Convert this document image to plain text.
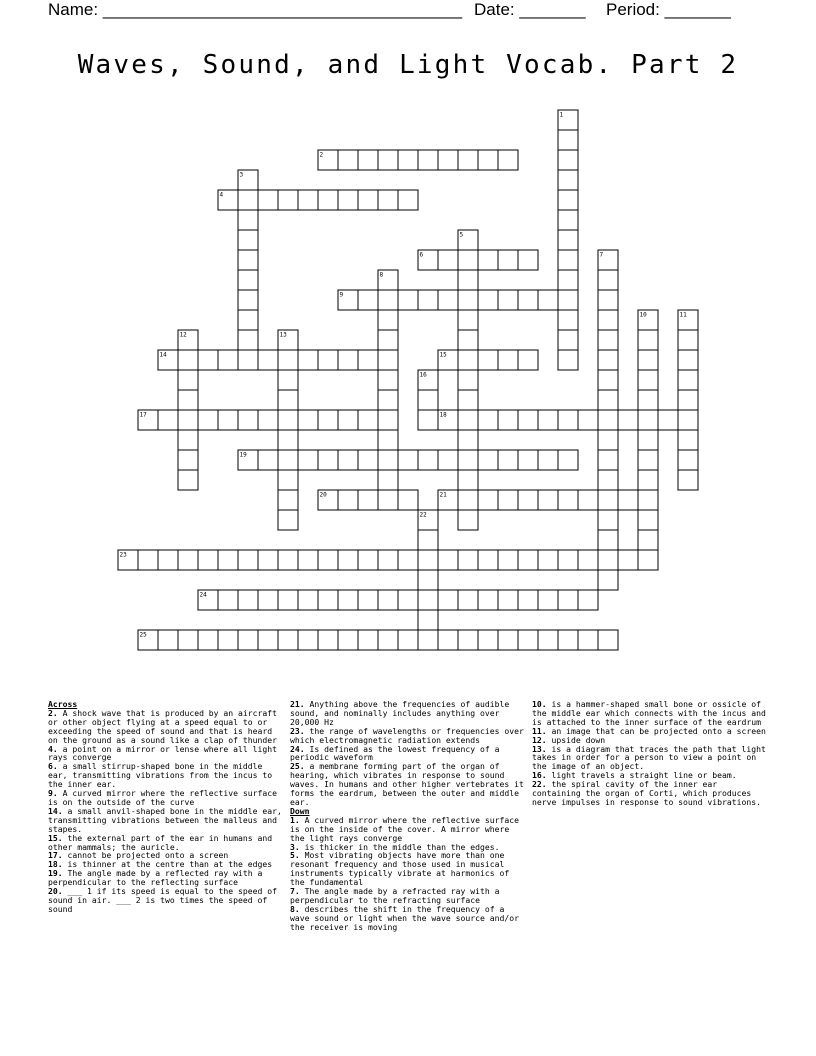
Name: ______________________________________ Date: _______ Period: _______
Waves, Sound, and Light Vocab. Part 2
1
2
3
4
5
6	7
8
9
10	11
12	13
14	15
16
17	18
19
20	21
22
23
24
25
Across
2. A shock wave that is produced by an aircraft or other object flying at a speed equal to or exceeding the speed of sound and that is heard on the ground as a sound like a clap of thunder
4. a point on a mirror or lense where all light rays converge
6. a small stirrup-shaped bone in the middle ear, transmitting vibrations from the incus to the inner ear.
9. A curved mirror where the reflective surface is on the outside of the curve
14. a small anvil-shaped bone in the middle ear, transmitting vibrations between the malleus and stapes.
15. the external part of the ear in humans and other mammals; the auricle.
17. cannot be projected onto a screen
18. is thinner at the centre than at the edges
19. The angle made by a reflected ray with a perpendicular to the reflecting surface
20. ___ 1 if its speed is equal to the speed of sound in air. ___ 2 is two times the speed of sound
21. Anything above the frequencies of audible sound, and nominally includes anything over 20,000 Hz
23. the range of wavelengths or frequencies over which electromagnetic radiation extends
24. Is defined as the lowest frequency of a periodic waveform
25. a membrane forming part of the organ of hearing, which vibrates in response to sound waves. In humans and other higher vertebrates it forms the eardrum, between the outer and middle ear.
Down
1. A curved mirror where the reflective surface is on the inside of the cover. A mirror where the light rays converge
3. is thicker in the middle than the edges.
5. Most vibrating objects have more than one resonant frequency and those used in musical instruments typically vibrate at harmonics of the fundamental
7. The angle made by a refracted ray with a perpendicular to the refracting surface
8. describes the shift in the frequency of a wave sound or light when the wave source and/or the receiver is moving
10. is a hammer-shaped small bone or ossicle of the middle ear which connects with the incus and is attached to the inner surface of the eardrum
11. an image that can be projected onto a screen
12. upside down
13. is a diagram that traces the path that light takes in order for a person to view a point on the image of an object.
16. light travels a straight line or beam.
22. the spiral cavity of the inner ear containing the organ of Corti, which produces nerve impulses in response to sound vibrations.
